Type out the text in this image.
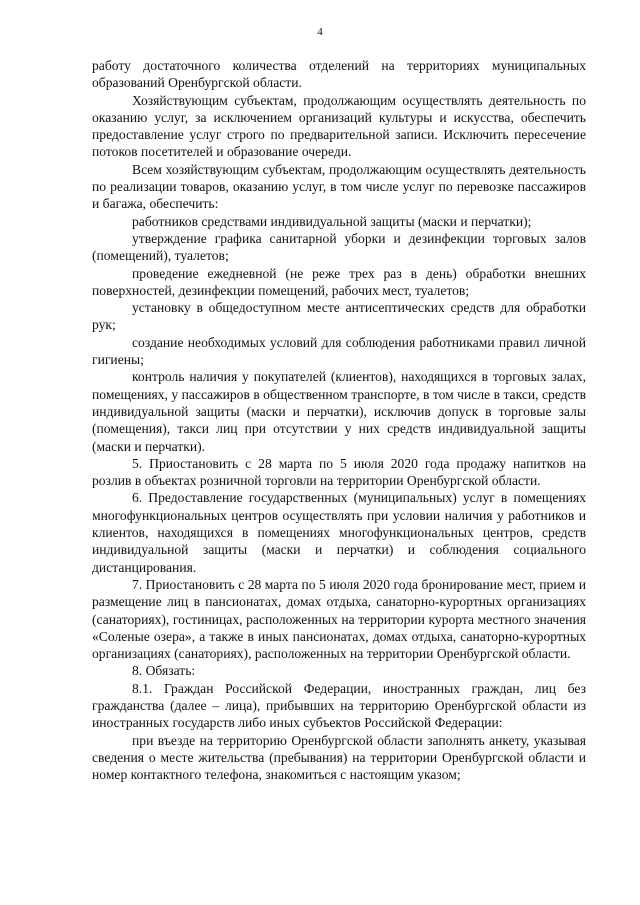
4

работу достаточного количества отделений на территориях муниципальных образований Оренбургской области.

Хозяйствующим субъектам, продолжающим осуществлять деятельность по оказанию услуг, за исключением организаций культуры и искусства, обеспечить предоставление услуг строго по предварительной записи. Исключить пересечение потоков посетителей и образование очереди.

Всем хозяйствующим субъектам, продолжающим осуществлять деятельность по реализации товаров, оказанию услуг, в том числе услуг по перевозке пассажиров и багажа, обеспечить:

работников средствами индивидуальной защиты (маски и перчатки);

утверждение графика санитарной уборки и дезинфекции торговых залов (помещений), туалетов;

проведение ежедневной (не реже трех раз в день) обработки внешних поверхностей, дезинфекции помещений, рабочих мест, туалетов;

установку в общедоступном месте антисептических средств для обработки рук;

создание необходимых условий для соблюдения работниками правил личной гигиены;

контроль наличия у покупателей (клиентов), находящихся в торговых залах, помещениях, у пассажиров в общественном транспорте, в том числе в такси, средств индивидуальной защиты (маски и перчатки), исключив допуск в торговые залы (помещения), такси лиц при отсутствии у них средств индивидуальной защиты (маски и перчатки).

5. Приостановить с 28 марта по 5 июля 2020 года продажу напитков на розлив в объектах розничной торговли на территории Оренбургской области.

6. Предоставление государственных (муниципальных) услуг в помещениях многофункциональных центров осуществлять при условии наличия у работников и клиентов, находящихся в помещениях многофункциональных центров, средств индивидуальной защиты (маски и перчатки) и соблюдения социального дистанцирования.

7. Приостановить с 28 марта по 5 июля 2020 года бронирование мест, прием и размещение лиц в пансионатах, домах отдыха, санаторно-курортных организациях (санаториях), гостиницах, расположенных на территории курорта местного значения «Соленые озера», а также в иных пансионатах, домах отдыха, санаторно-курортных организациях (санаториях), расположенных на территории Оренбургской области.

8. Обязать:

8.1. Граждан Российской Федерации, иностранных граждан, лиц без гражданства (далее – лица), прибывших на территорию Оренбургской области из иностранных государств либо иных субъектов Российской Федерации:

при въезде на территорию Оренбургской области заполнять анкету, указывая сведения о месте жительства (пребывания) на территории Оренбургской области и номер контактного телефона, знакомиться с настоящим указом;
